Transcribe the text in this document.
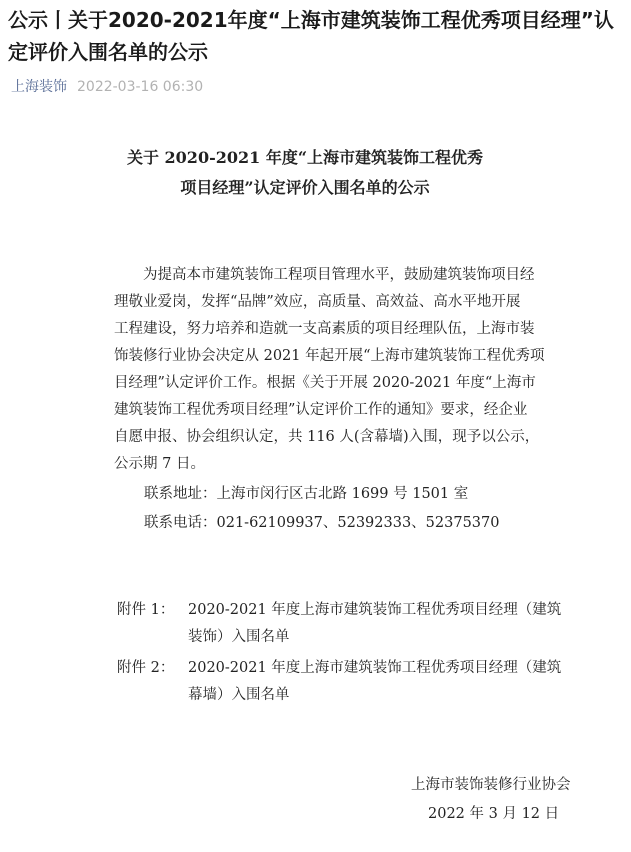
公示丨关于2020-2021年度“上海市建筑装饰工程优秀项目经理”认定评价入围名单的公示
上海装饰 2022-03-16 06:30
关于 2020-2021 年度“上海市建筑装饰工程优秀
项目经理”认定评价入围名单的公示
为提高本市建筑装饰工程项目管理水平，鼓励建筑装饰项目经
理敬业爱岗，发挥“品牌”效应，高质量、高效益、高水平地开展
工程建设，努力培养和造就一支高素质的项目经理队伍，上海市装
饰装修行业协会决定从 2021 年起开展“上海市建筑装饰工程优秀项
目经理”认定评价工作。根据《关于开展 2020-2021 年度“上海市
建筑装饰工程优秀项目经理”认定评价工作的通知》要求，经企业
自愿申报、协会组织认定，共 116 人(含幕墙)入围，现予以公示，
公示期 7 日。
联系地址：上海市闵行区古北路 1699 号 1501 室
联系电话：021-62109937、52392333、52375370
附件 1： 2020-2021 年度上海市建筑装饰工程优秀项目经理（建筑
装饰）入围名单
附件 2： 2020-2021 年度上海市建筑装饰工程优秀项目经理（建筑
幕墙）入围名单
上海市装饰装修行业协会
2022 年 3 月 12 日
